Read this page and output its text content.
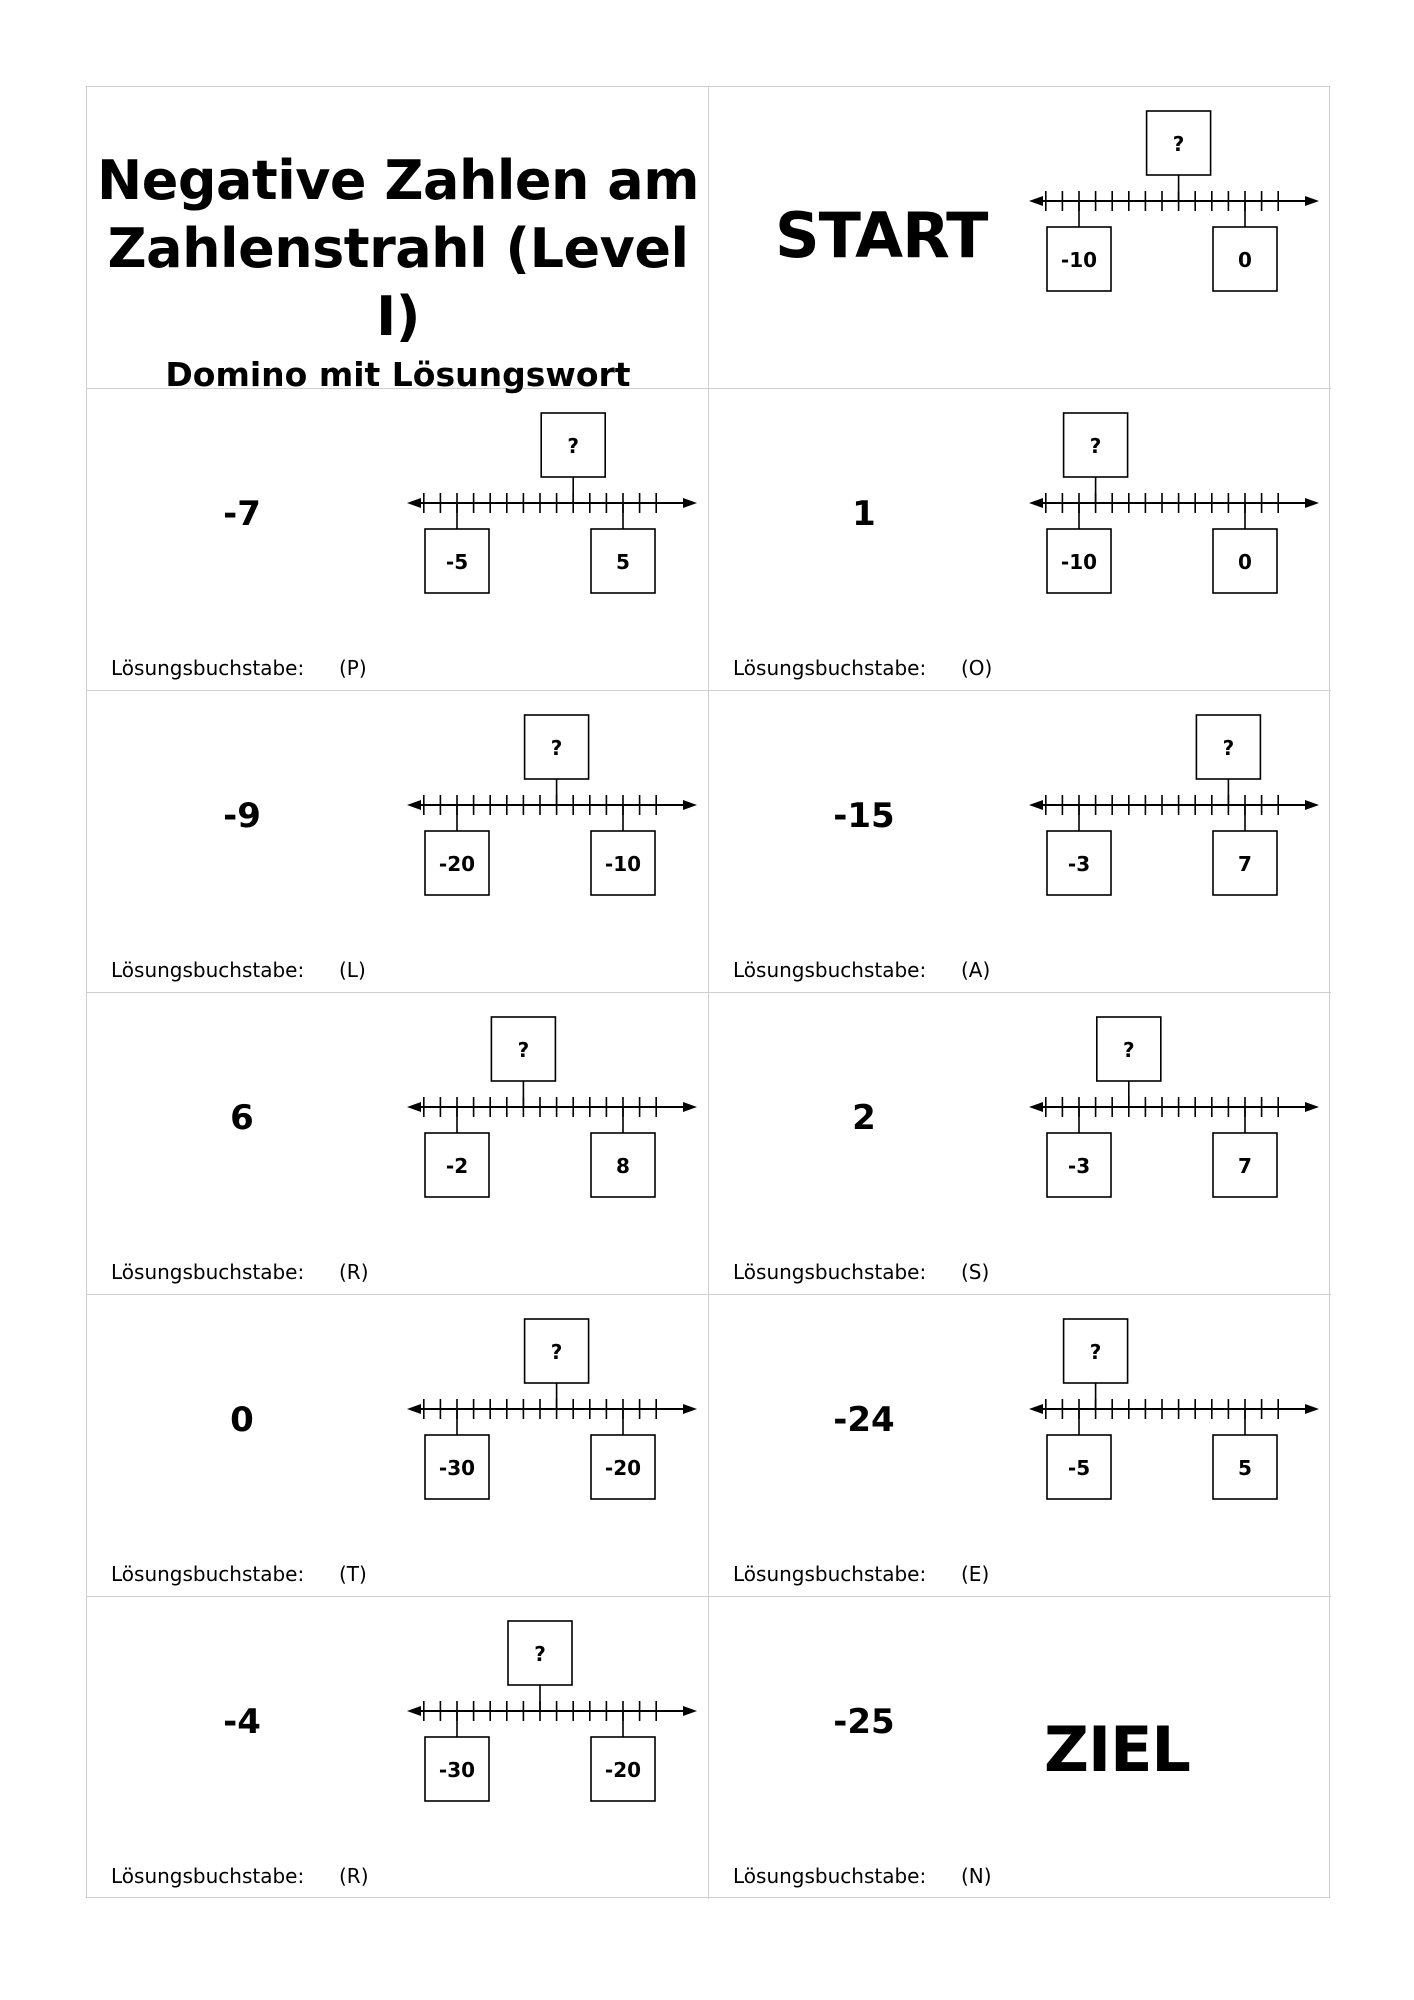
Negative Zahlen am
Zahlenstrahl (Level I)
Domino mit Lösungswort
START
?
-10	0
-7
?
-5	5
Lösungsbuchstabe: (P)
1
?
-10	0
Lösungsbuchstabe: (O)
-9
?
-20	-10
Lösungsbuchstabe: (L)
-15
?
-3	7
Lösungsbuchstabe: (A)
6
?
-2	8
Lösungsbuchstabe: (R)
2
?
-3	7
Lösungsbuchstabe: (S)
0
?
-30	-20
Lösungsbuchstabe: (T)
-24
?
-5	5
Lösungsbuchstabe: (E)
-4
?
-30	-20
Lösungsbuchstabe: (R)
-25	ZIEL
Lösungsbuchstabe: (N)
